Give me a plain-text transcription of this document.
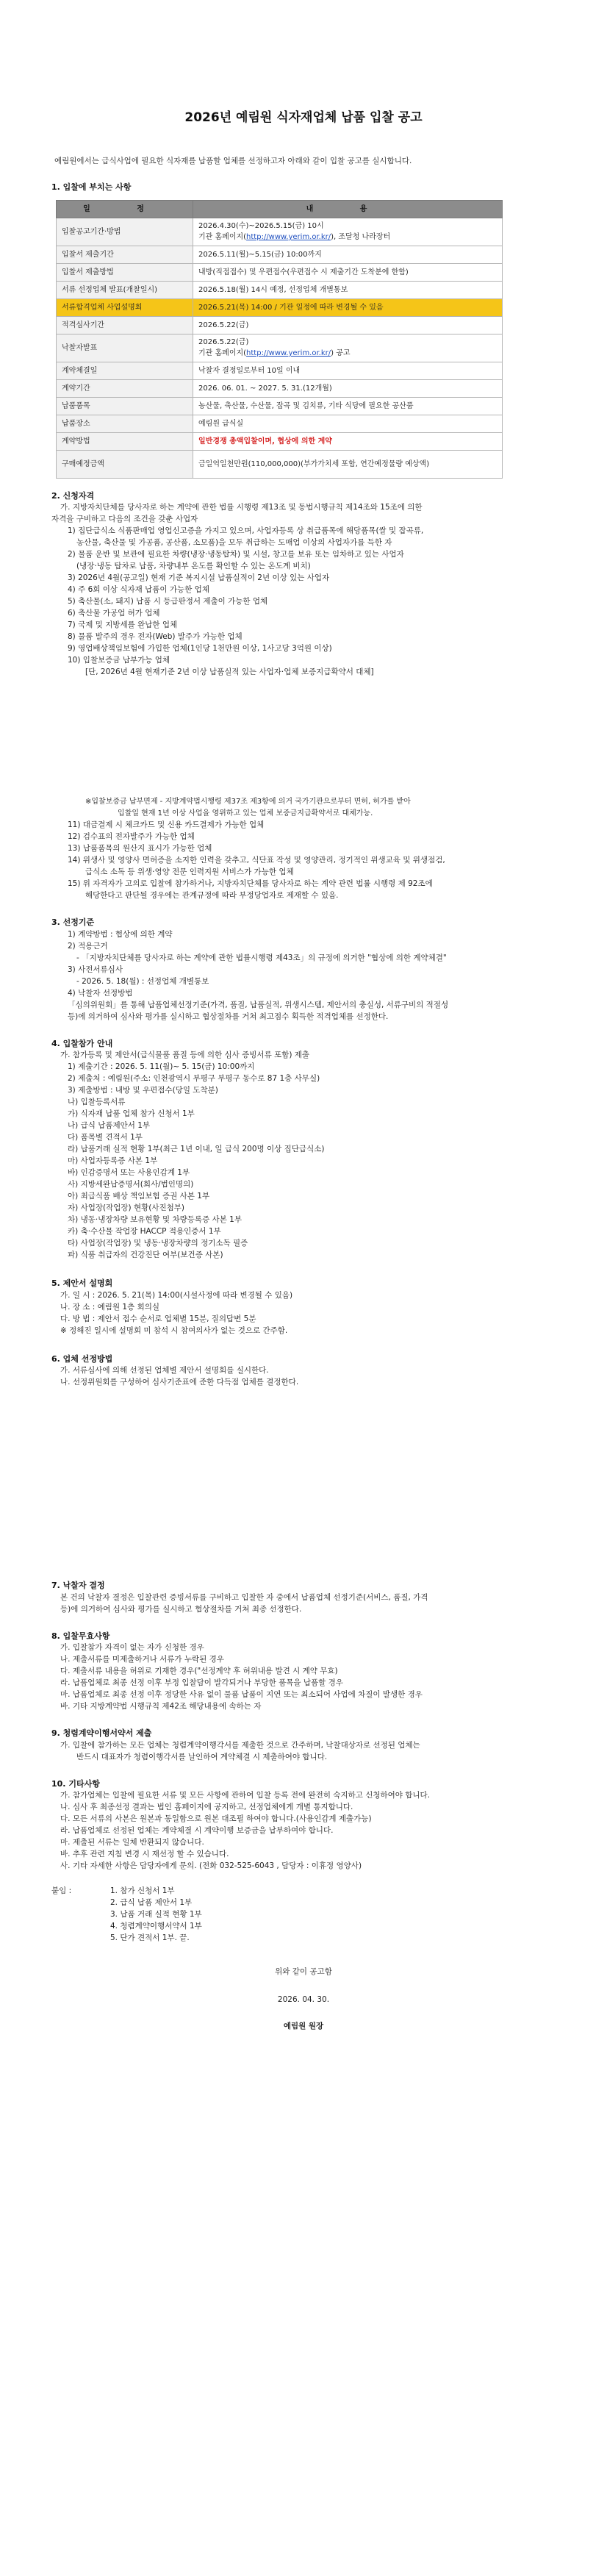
2026년 예림원 식자재업체 납품 입찰 공고
예림원에서는 급식사업에 필요한 식자재를 납품할 업체를 선정하고자 아래와 같이 입찰 공고를 실시합니다.
1. 입찰에 부치는 사항
일 정	내 용
입찰공고기간·방법	2026.4.30(수)~2026.5.15(금) 10시
기관 홈페이지(http://www.yerim.or.kr/), 조달청 나라장터

입찰서 제출기간	2026.5.11(월)~5.15(금) 10:00까지
입찰서 제출방법	내방(직접접수) 및 우편접수(우편접수 시 제출기간 도착분에 한함)
서류 선정업체 발표(개찰일시)	2026.5.18(월) 14시 예정, 선정업체 개별통보
서류합격업체 사업설명회	2026.5.21(목) 14:00 / 기관 일정에 따라 변경될 수 있음
적격심사기간	2026.5.22(금)
낙찰자발표	2026.5.22(금)
기관 홈페이지(http://www.yerim.or.kr/) 공고

계약체결일	낙찰자 결정일로부터 10일 이내
계약기간	2026. 06. 01. ~ 2027. 5. 31.(12개월)
납품품목	농산물, 축산물, 수산물, 잡곡 및 김치류, 기타 식당에 필요한 공산품
납품장소	예림원 급식실
계약방법	일반경쟁 총액입찰이며, 협상에 의한 계약
구매예정금액	금일억일천만원(110,000,000)(부가가치세 포함, 연간예정물량 예상액)
2. 신청자격
가. 지방자치단체를 당사자로 하는 계약에 관한 법률 시행령 제13조 및 동법시행규칙 제14조와 15조에 의한
자격을 구비하고 다음의 조건을 갖춘 사업자
1) 집단급식소 식품판매업 영업신고증을 가지고 있으며, 사업자등록 상 취급품목에 해당품목(쌀 및 잡곡류,
농산물, 축산물 및 가공품, 공산품, 소모품)을 모두 취급하는 도매업 이상의 사업자가를 득한 자
2) 물품 운반 및 보관에 필요한 차량(냉장·냉동탑차) 및 시설, 창고를 보유 또는 임차하고 있는 사업자
(냉장·냉동 탑차로 납품, 차량내부 온도를 확인할 수 있는 온도계 비치)
3) 2026년 4월(공고일) 현재 기준 복지시설 납품실적이 2년 이상 있는 사업자
4) 주 6회 이상 식자재 납품이 가능한 업체
5) 축산물(소, 돼지) 납품 시 등급판정서 제출이 가능한 업체
6) 축산물 가공업 허가 업체
7) 국제 및 지방세를 완납한 업체
8) 물품 발주의 경우 전자(Web) 발주가 가능한 업체
9) 영업배상책임보험에 가입한 업체(1인당 1천만원 이상, 1사고당 3억원 이상)
10) 입찰보증금 납부가능 업체
[단, 2026년 4월 현재기준 2년 이상 납품실적 있는 사업자·업체 보증지급확약서 대체]
※입찰보증금 납부면제 - 지방계약법시행령 제37조 제3항에 의거 국가기관으로부터 면허, 허가를 받아
입찰일 현재 1년 이상 사업을 영위하고 있는 업체 보증금지급확약서로 대체가능.
11) 대금결제 시 체크카드 및 신용 카드결제가 가능한 업체
12) 검수표의 전자발주가 가능한 업체
13) 납품품목의 원산지 표시가 가능한 업체
14) 위생사 및 영양사 면허증을 소지한 인력을 갖추고, 식단표 작성 및 영양관리, 정기적인 위생교육 및 위생점검,
급식소 소독 등 위생·영양 전문 인력지원 서비스가 가능한 업체
15) 위 자격자가 고의로 입찰에 참가하거나, 지방자치단체를 당사자로 하는 계약 관련 법률 시행령 제 92조에
해당한다고 판단될 경우에는 관계규정에 따라 부정당업자로 제재할 수 있음.
3. 선정기준
1) 계약방법 : 협상에 의한 계약
2) 적용근거
- 「지방자치단체를 당사자로 하는 계약에 관한 법률시행령 제43조」의 규정에 의거한 "협상에 의한 계약체결"
3) 사전서류심사
- 2026. 5. 18(월) : 선정업체 개별통보
4) 낙찰자 선정방법
「심의위원회」를 통해 납품업체선정기준(가격, 품질, 납품실적, 위생시스템, 제안서의 충실성, 서류구비의 적절성
등)에 의거하여 심사와 평가를 실시하고 협상절차를 거쳐 최고점수 획득한 적격업체를 선정한다.
4. 입찰참가 안내
가. 참가등록 및 제안서(급식물품 품질 등에 의한 심사 증빙서류 포함) 제출
1) 제출기간 : 2026. 5. 11(월)~ 5. 15(금) 10:00까지
2) 제출처 : 예림원(주소: 인천광역시 부평구 부평구 동수로 87 1층 사무실)
3) 제출방법 : 내방 및 우편접수(당일 도착분)
나) 입찰등록서류
가) 식자재 납품 업체 참가 신청서 1부
나) 급식 납품제안서 1부
다) 품목별 견적서 1부
라) 납품거래 실적 현황 1부(최근 1년 이내, 일 급식 200명 이상 집단급식소)
마) 사업자등록증 사본 1부
바) 인감증명서 또는 사용인감계 1부
사) 지방세완납증명서(회사/법인명의)
아) 최급식품 배상 책임보험 증권 사본 1부
자) 사업장(작업장) 현황(사진첨부)
차) 냉동·냉장차량 보유현황 및 차량등록증 사본 1부
카) 축·수산물 작업장 HACCP 적용인증서 1부
타) 사업장(작업장) 및 냉동·냉장차량의 정기소독 필증
파) 식품 취급자의 건강진단 여부(보건증 사본)
5. 제안서 설명회
가. 일 시 : 2026. 5. 21(목) 14:00(시설사정에 따라 변경될 수 있음)
나. 장 소 : 예림원 1층 회의실
다. 방 법 : 제안서 접수 순서로 업체별 15분, 질의답변 5분
※ 정해진 일시에 설명회 미 참석 시 참여의사가 없는 것으로 간주함.
6. 업체 선정방법
가. 서류심사에 의해 선정된 업체별 제안서 설명회를 실시한다.
나. 선정위원회를 구성하여 심사기준표에 준한 다득점 업체를 결정한다.
7. 낙찰자 결정
본 건의 낙찰자 결정은 입찰관련 증빙서류를 구비하고 입찰한 자 중에서 납품업체 선정기준(서비스, 품질, 가격
등)에 의거하여 심사와 평가를 실시하고 협상절차를 거쳐 최종 선정한다.
8. 입찰무효사항
가. 입찰참가 자격이 없는 자가 신청한 경우
나. 제출서류를 미제출하거나 서류가 누락된 경우
다. 제출서류 내용을 허위로 기재한 경우("선정계약 후 허위내용 발견 시 계약 무효)
라. 납품업체로 최종 선정 이후 부정 입찰담이 발각되거나 부당한 품목을 납품할 경우
마. 납품업체로 최종 선정 이후 정당한 사유 없이 물품 납품이 지연 또는 최소되어 사업에 차질이 발생한 경우
바. 기타 지방계약법 시행규칙 제42조 해당내용에 속하는 자
9. 청렴계약이행서약서 제출
가. 입찰에 참가하는 모든 업체는 청렴계약이행각서를 제출한 것으로 간주하며, 낙찰대상자로 선정된 업체는
반드시 대표자가 청렴이행각서를 날인하여 계약체결 시 제출하여야 합니다.
10. 기타사항
가. 참가업체는 입찰에 필요한 서류 및 모든 사항에 관하여 입찰 등록 전에 완전히 숙지하고 신청하여야 합니다.
나. 심사 후 최종선정 결과는 법인 홈페이지에 공지하고, 선정업체에게 개별 통지합니다.
다. 모든 서류의 사본은 원본과 동일함으로 원본 대조필 하여야 합니다.(사용인감계 제출가능)
라. 납품업체로 선정된 업체는 계약체결 시 계약이행 보증금을 납부하여야 합니다.
마. 제출된 서류는 일체 반환되지 않습니다.
바. 추후 관련 지침 변경 시 재선정 할 수 있습니다.
사. 기타 자세한 사항은 담당자에게 문의. (전화 032-525-6043 , 담당자 : 이휴정 영양사)
붙임 :	1. 참가 신청서 1부
2. 급식 납품 제안서 1부
3. 납품 거래 실적 현황 1부
4. 청렴계약이행서약서 1부
5. 단가 견적서 1부. 끝.
위와 같이 공고함
2026. 04. 30.
예림원 원장
